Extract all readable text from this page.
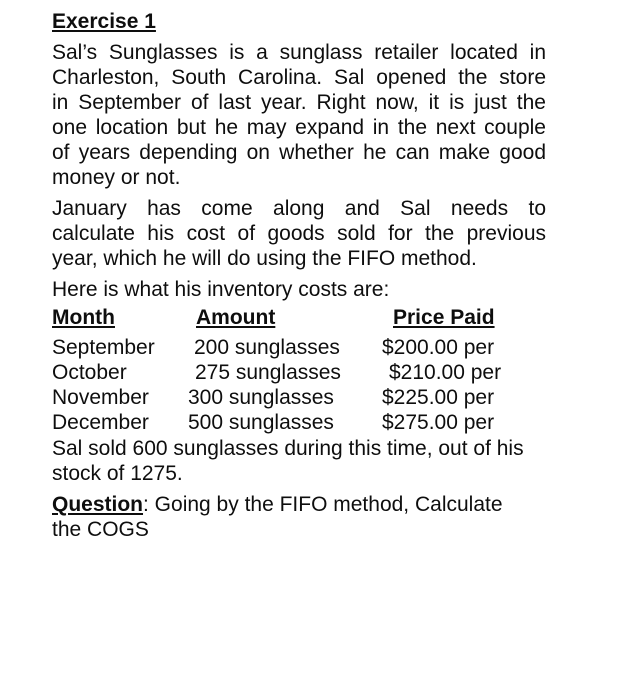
Exercise 1

Sal’s Sunglasses is a sunglass retailer located in
Charleston, South Carolina. Sal opened the store
in September of last year. Right now, it is just the
one location but he may expand in the next couple
of years depending on whether he can make good
money or not.
January has come along and Sal needs to
calculate his cost of goods sold for the previous
year, which he will do using the FIFO method.

Here is what his inventory costs are:

Month	Amount	Price Paid
September 200 sunglasses $200.00 per
October	275 sunglasses $210.00 per
November 300 sunglasses $225.00 per
December 500 sunglasses $275.00 per
Sal sold 600 sunglasses during this time, out of his
stock of 1275.
Question: Going by the FIFO method, Calculate
the COGS
